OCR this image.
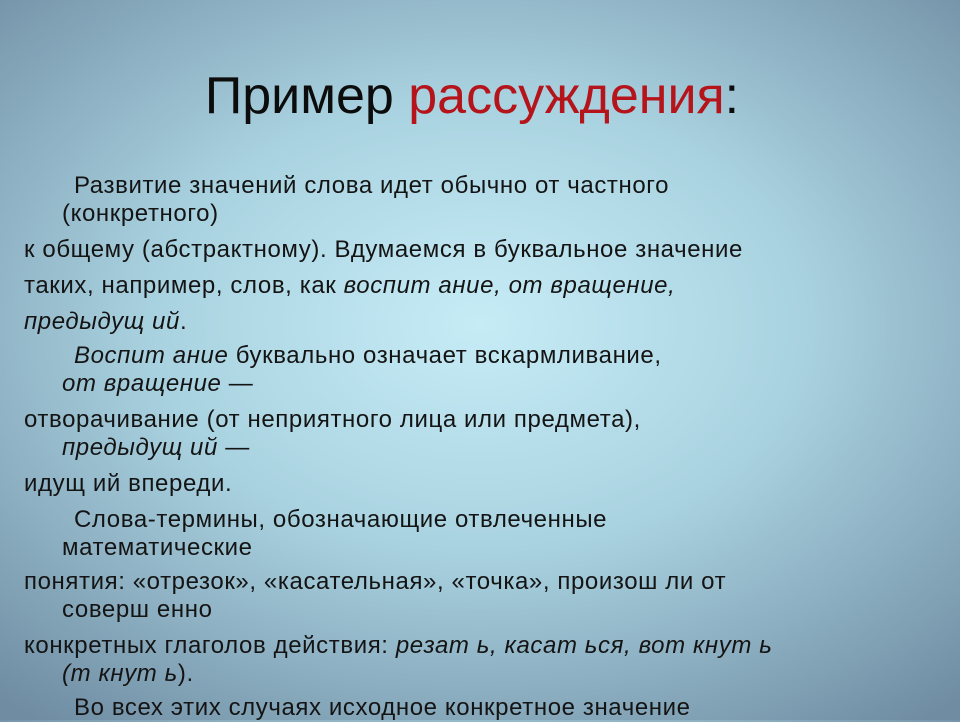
Пример рассуждения:
Развитие значений слова идет обычно от частного
(конкретного)
к общему (абстрактному). Вдумаемся в буквальное значение
таких, например, слов, как воспит ание, от вращение,
предыдущ ий.
Воспит ание буквально означает вскармливание,
от вращение —
отворачивание (от неприятного лица или предмета),
предыдущ ий —
идущ ий впереди.
Слова-термины, обозначающие отвлеченные
математические
понятия: «отрезок», «касательная», «точка», произош ли от
соверш енно
конкретных глаголов действия: резат ь, касат ься, вот кнут ь
(т кнут ь).
Во всех этих случаях исходное конкретное значение
